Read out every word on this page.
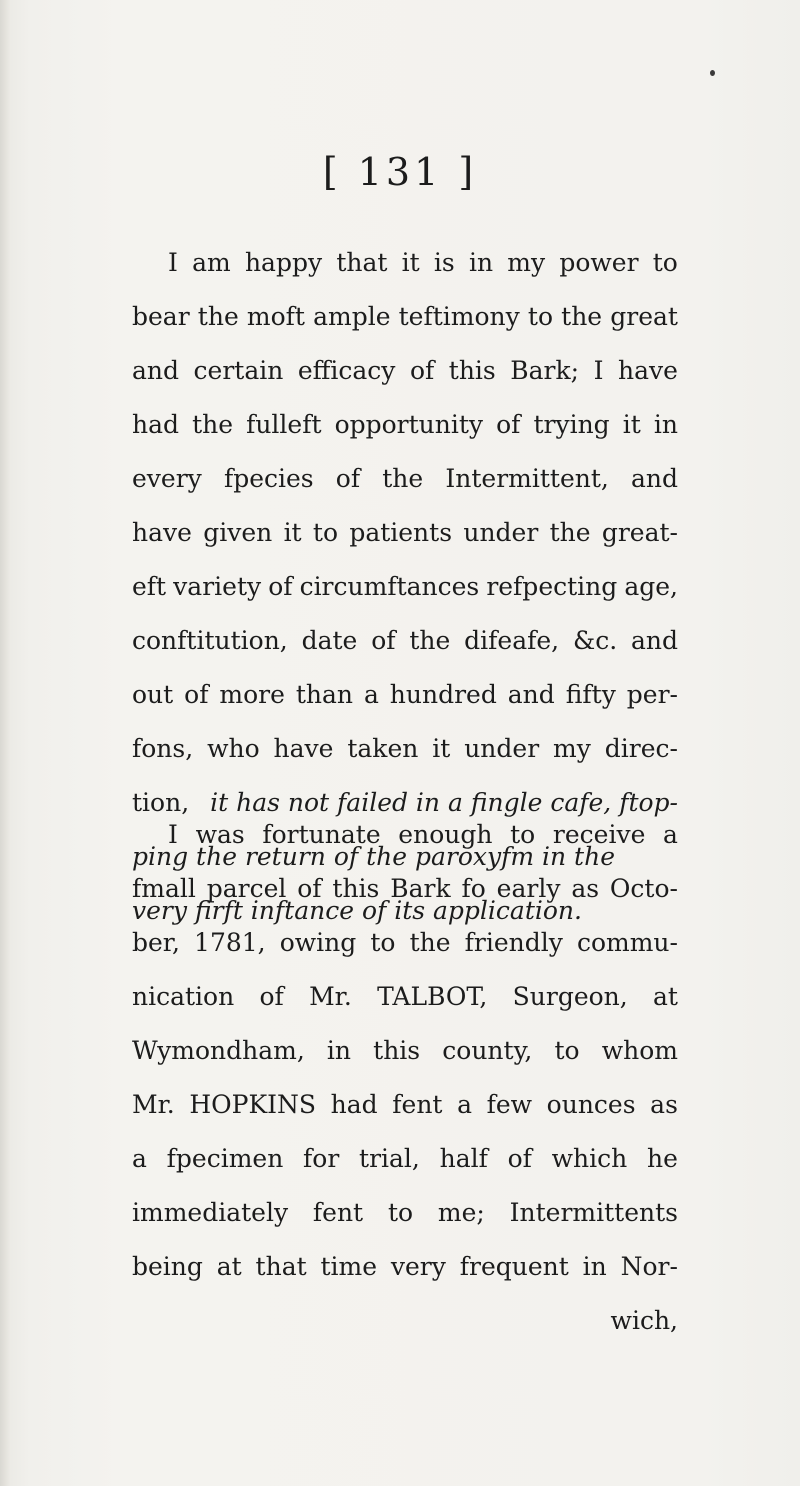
[ 131 ]
I am happy that it is in my power to
bear the moft ample teftimony to the great
and certain efficacy of this Bark; I have
had the fulleft opportunity of trying it in
every fpecies of the Intermittent, and
have given it to patients under the great-
eft variety of circumftances refpecting age,
conftitution, date of the difeafe, &c. and
out of more than a hundred and fifty per-
fons, who have taken it under my direc-
tion, it has not failed in a fingle cafe, ftop-
ping the return of the paroxyfm in the
very firft inftance of its application.
I was fortunate enough to receive a
fmall parcel of this Bark fo early as Octo-
ber, 1781, owing to the friendly commu-
nication of Mr. TALBOT, Surgeon, at
Wymondham, in this county, to whom
Mr. HOPKINS had fent a few ounces as
a fpecimen for trial, half of which he
immediately fent to me; Intermittents
being at that time very frequent in Nor-
wich,
